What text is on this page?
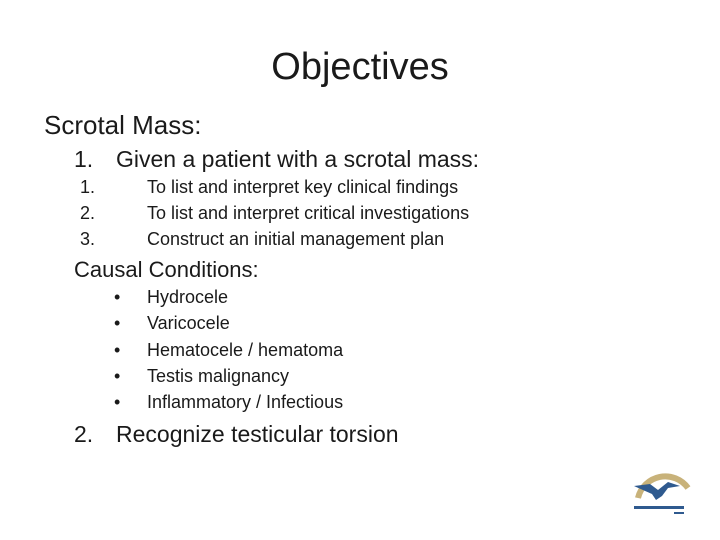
Objectives
Scrotal Mass:
1. Given a patient with a scrotal mass:
1.	To list and interpret key clinical findings
2.	To list and interpret critical investigations
3.	Construct an initial management plan
Causal Conditions:
• Hydrocele
• Varicocele
• Hematocele / hematoma
• Testis malignancy
• Inflammatory / Infectious
2. Recognize testicular torsion
